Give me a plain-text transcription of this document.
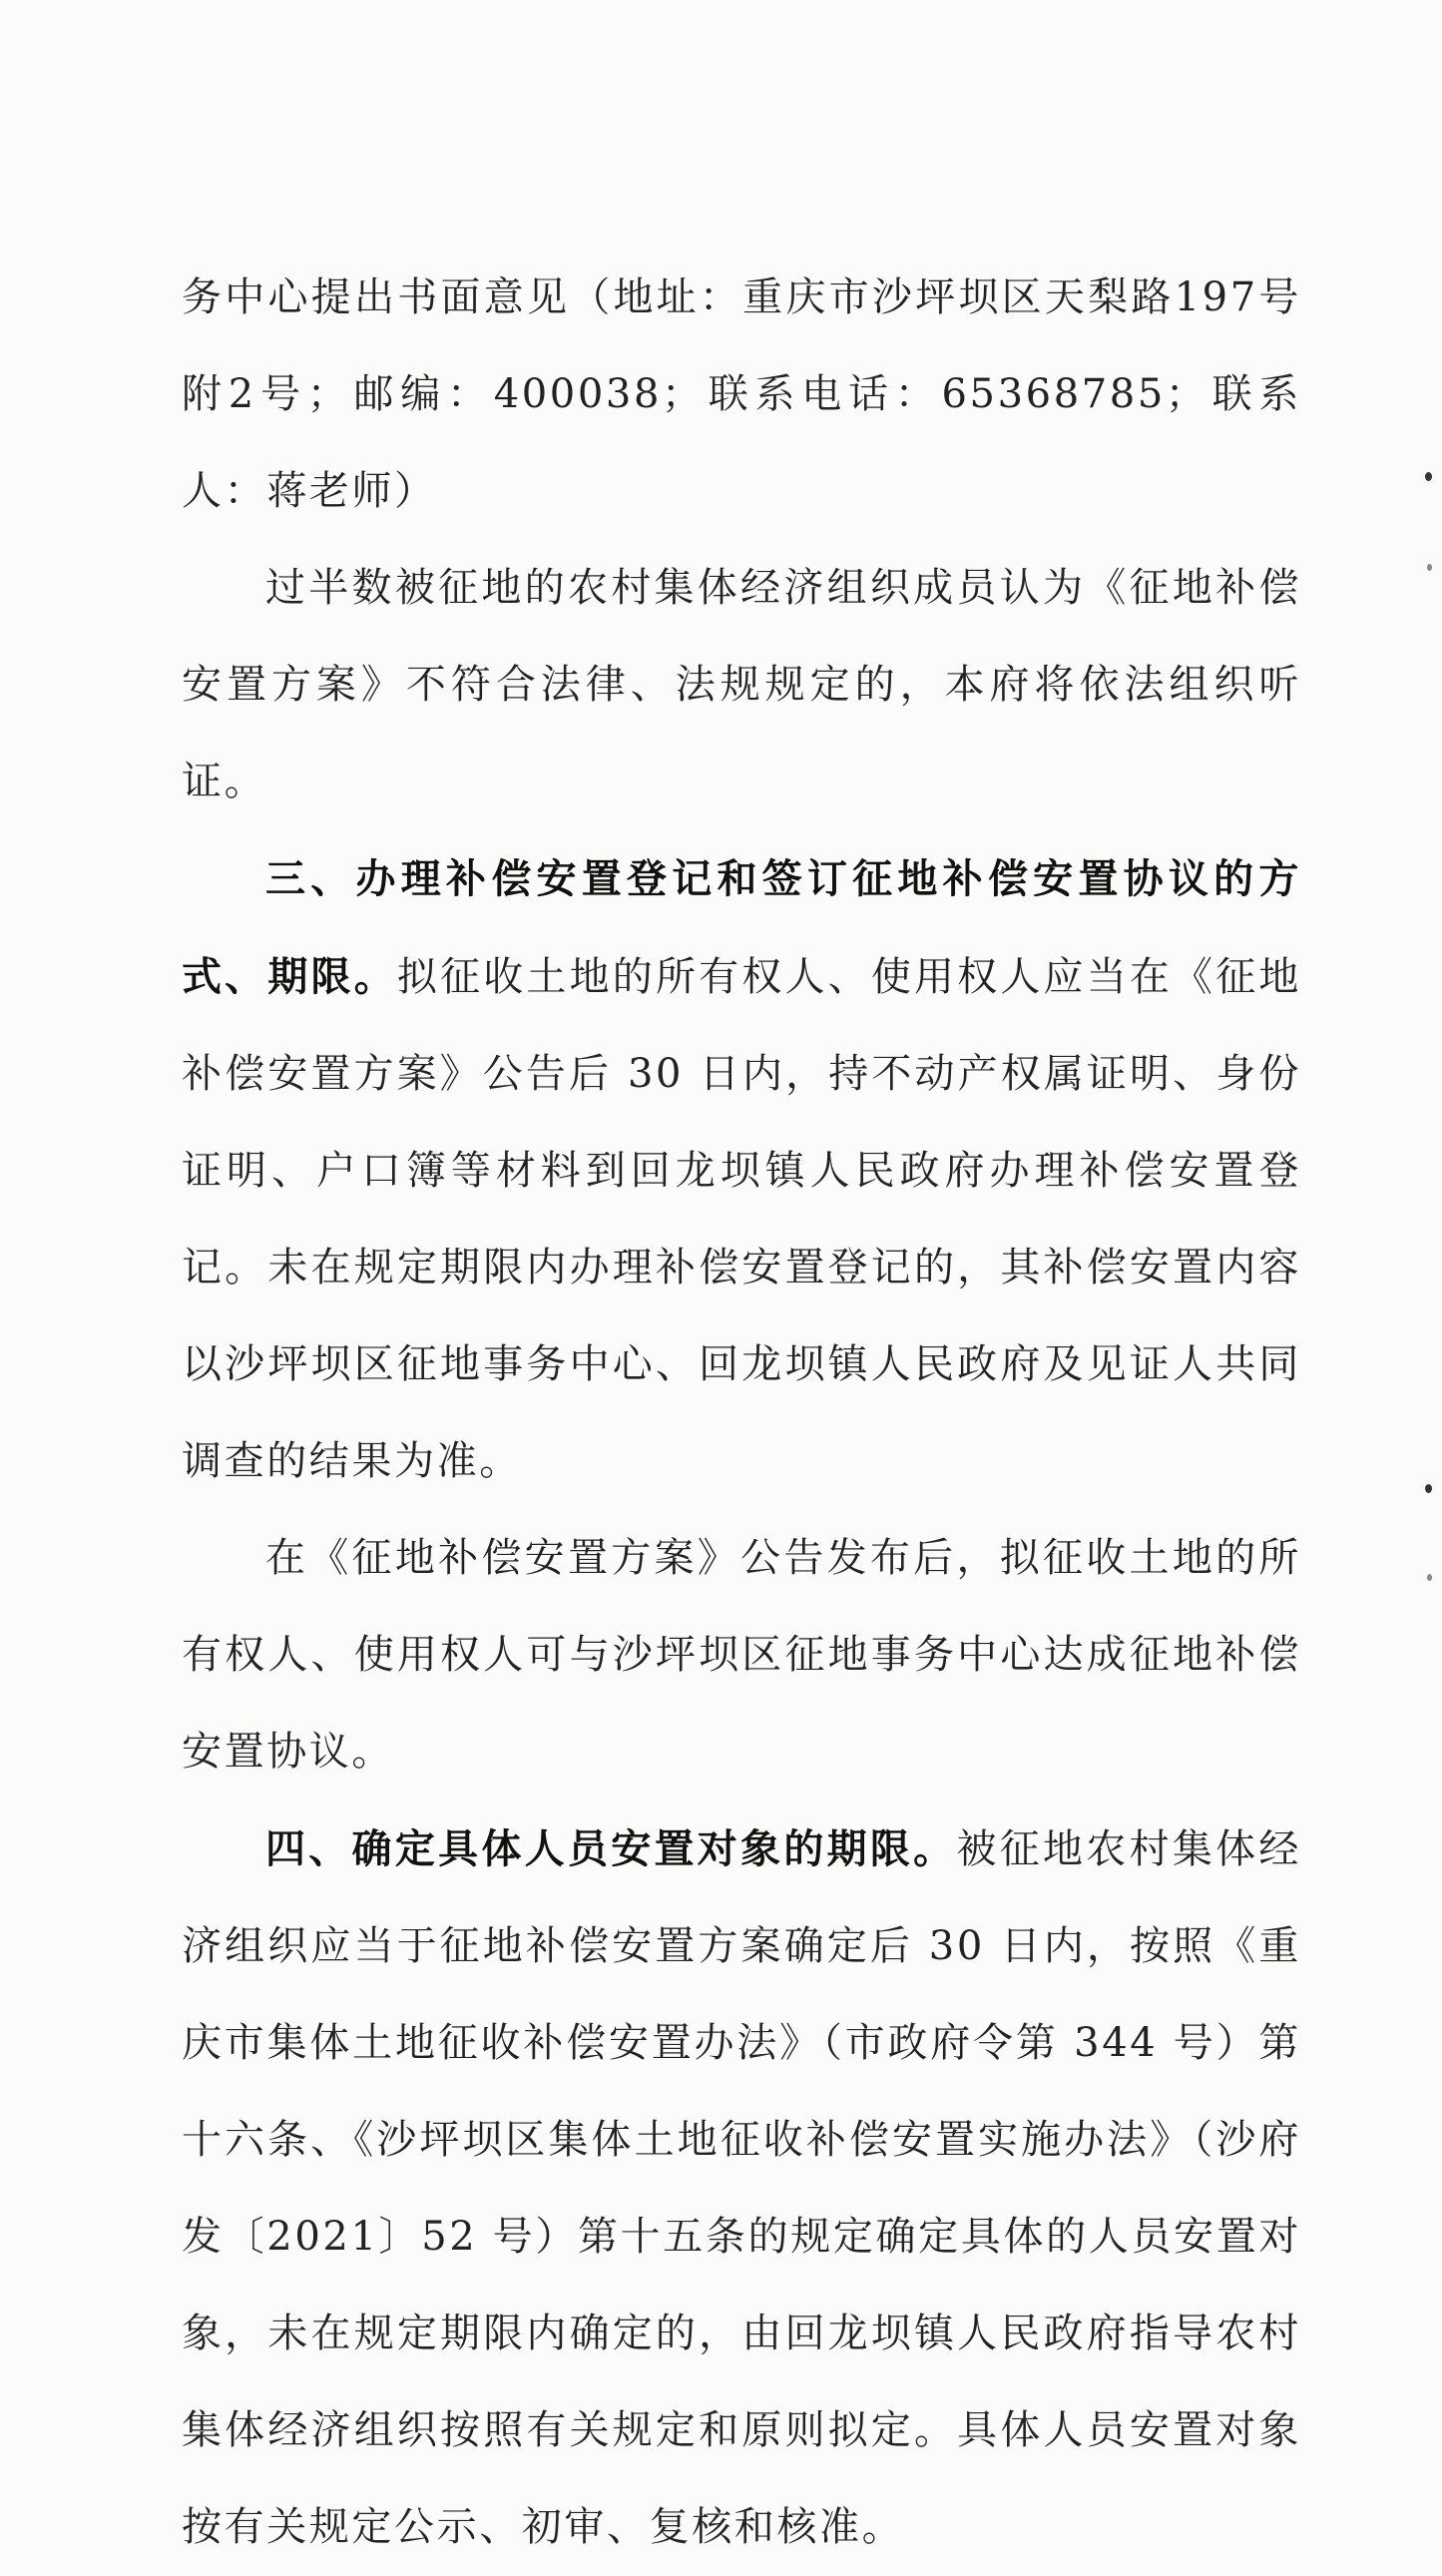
务中心提出书面意见（地址：重庆市沙坪坝区天梨路197号附2号；邮编：400038；联系电话：65368785；联系人：蒋老师）

过半数被征地的农村集体经济组织成员认为《征地补偿安置方案》不符合法律、法规规定的，本府将依法组织听证。

三、办理补偿安置登记和签订征地补偿安置协议的方式、期限。拟征收土地的所有权人、使用权人应当在《征地补偿安置方案》公告后 30 日内，持不动产权属证明、身份证明、户口簿等材料到回龙坝镇人民政府办理补偿安置登记。未在规定期限内办理补偿安置登记的，其补偿安置内容以沙坪坝区征地事务中心、回龙坝镇人民政府及见证人共同调查的结果为准。

在《征地补偿安置方案》公告发布后，拟征收土地的所有权人、使用权人可与沙坪坝区征地事务中心达成征地补偿安置协议。

四、确定具体人员安置对象的期限。被征地农村集体经济组织应当于征地补偿安置方案确定后 30 日内，按照《重庆市集体土地征收补偿安置办法》（市政府令第 344 号）第十六条、《沙坪坝区集体土地征收补偿安置实施办法》（沙府发〔2021〕52 号）第十五条的规定确定具体的人员安置对象，未在规定期限内确定的，由回龙坝镇人民政府指导农村集体经济组织按照有关规定和原则拟定。具体人员安置对象按有关规定公示、初审、复核和核准。
